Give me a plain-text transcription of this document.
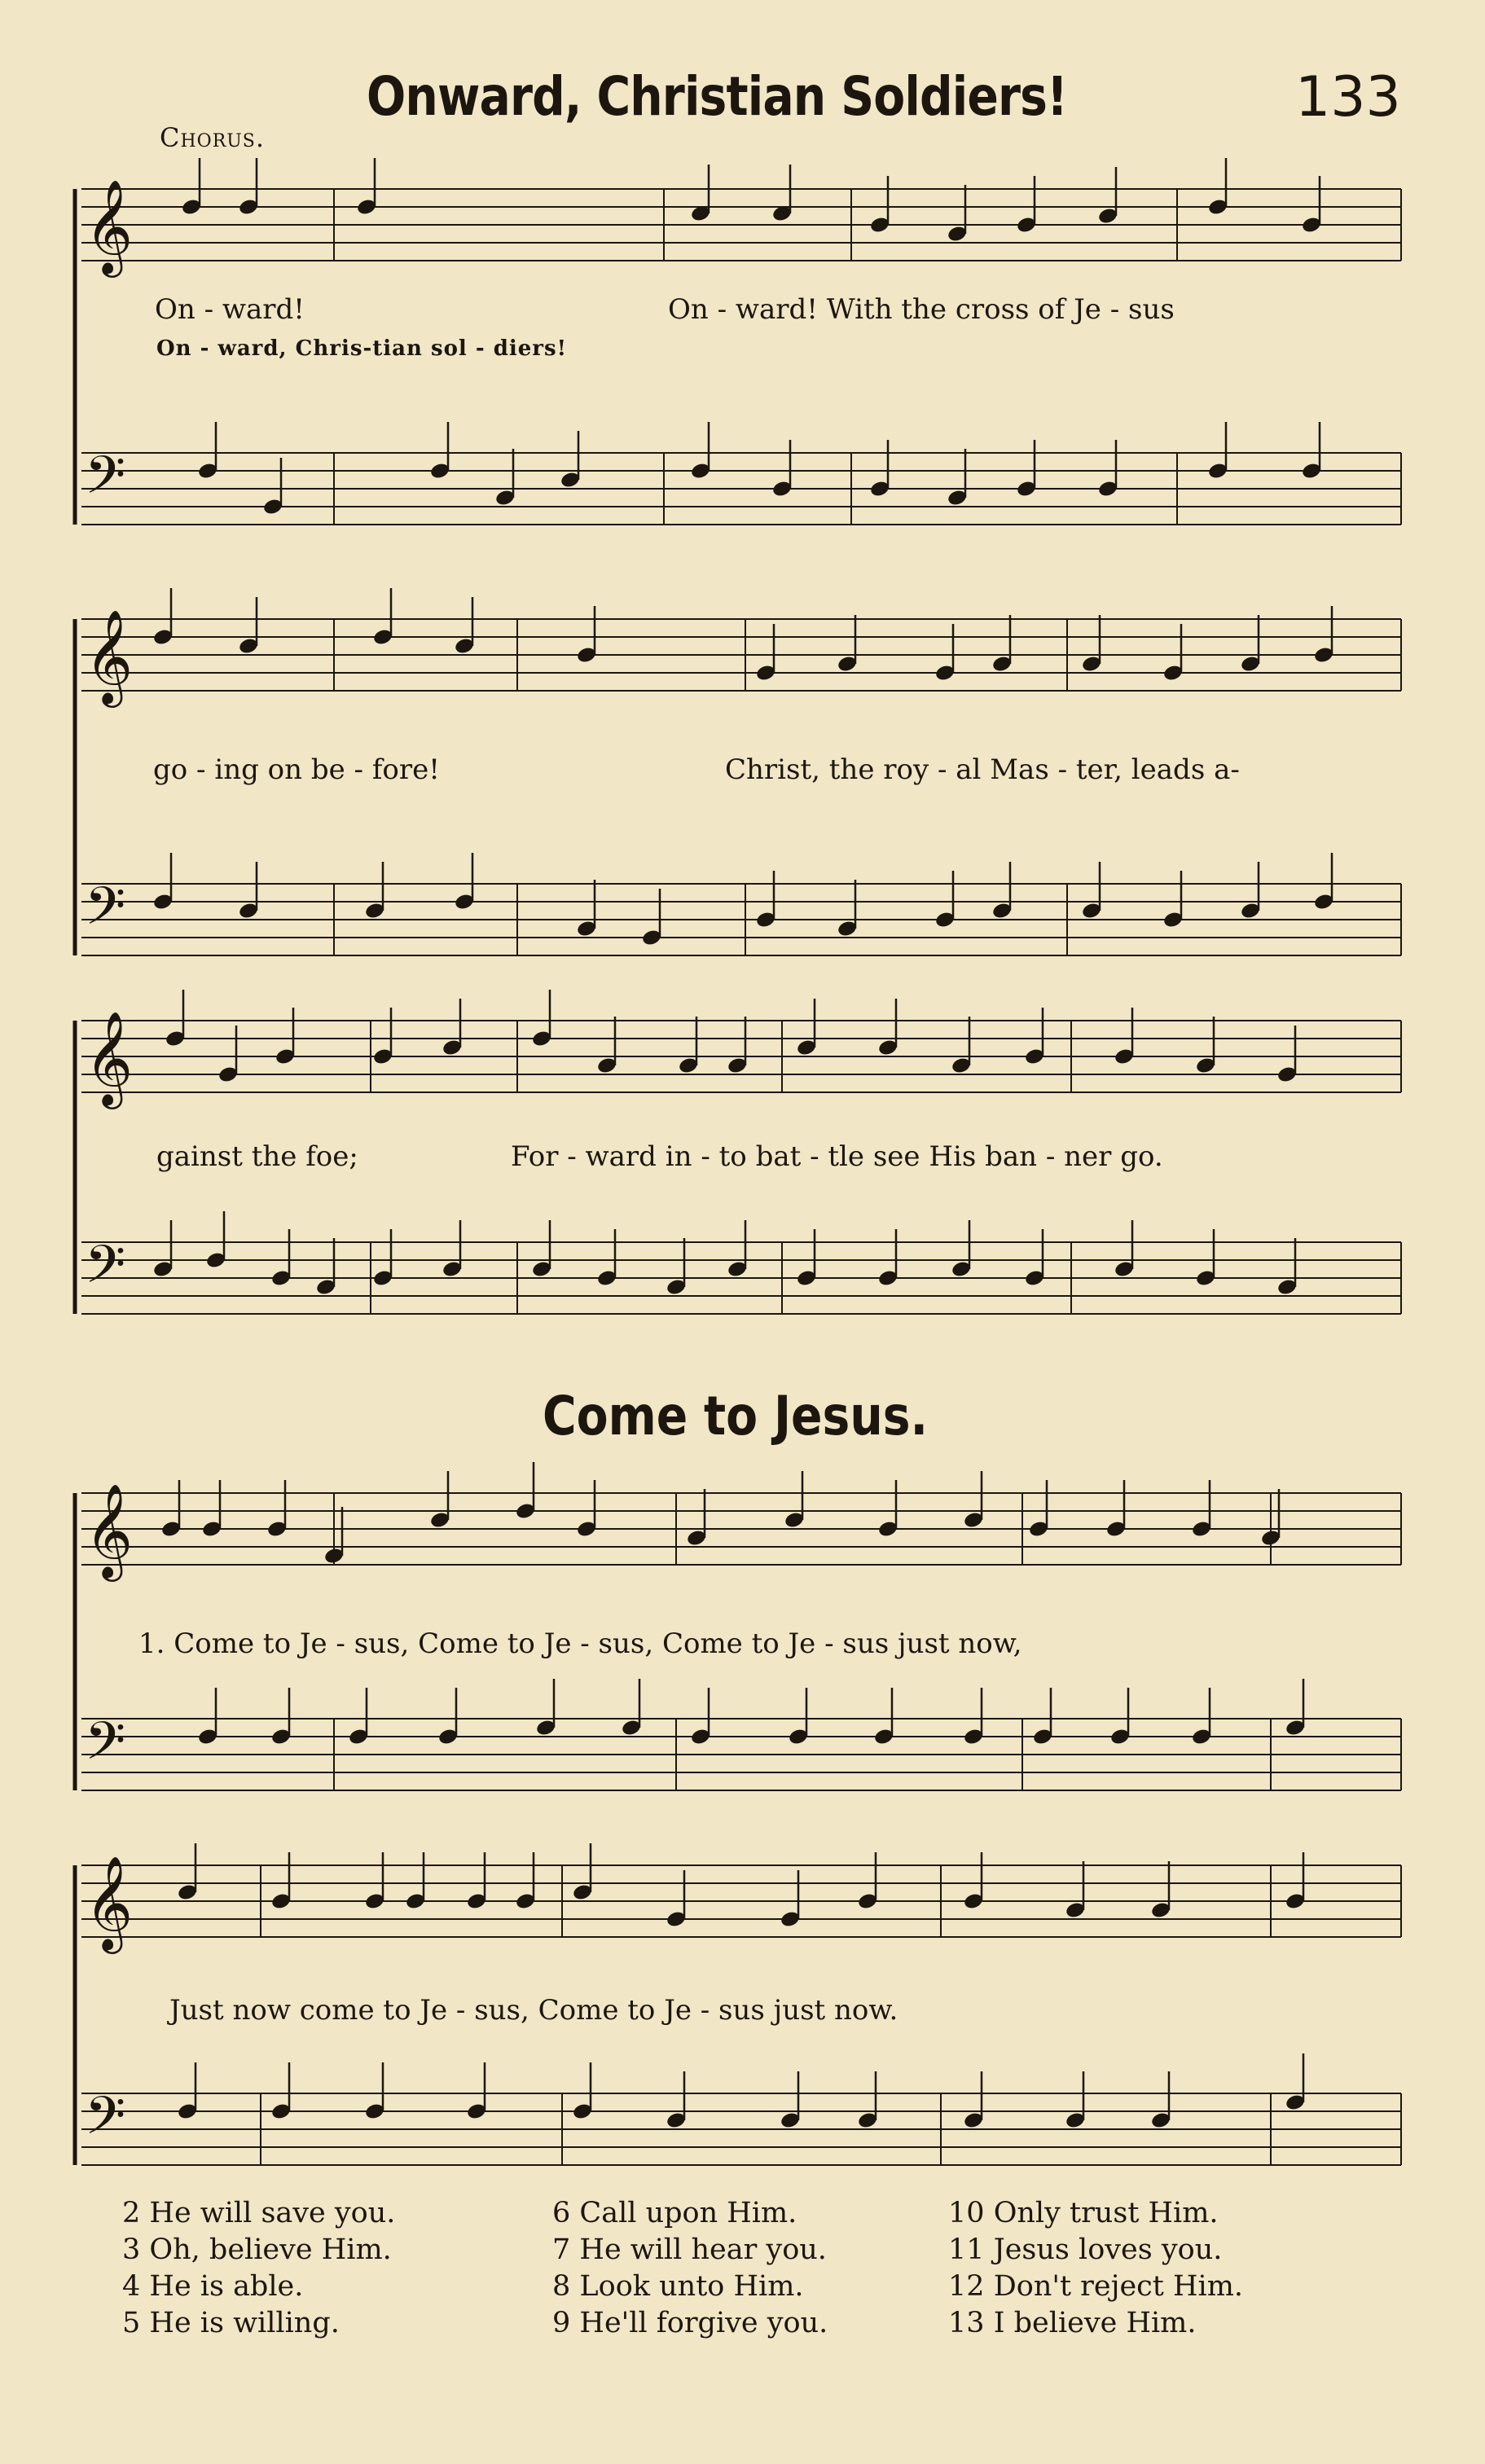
Onward, Christian Soldiers!	133
Chorus.
𝄞
𝄢
𝄞
𝄢
𝄞
𝄢
𝄞
𝄢
𝄞
𝄢
On - ward!	On - ward! With the cross of Je - sus
On - ward, Chris-tian sol - diers!
go - ing on be - fore!	Christ, the roy - al Mas - ter, leads a-
gainst the foe;	For - ward in - to bat - tle see His ban - ner go.
Come to Jesus.
1. Come to Je - sus, Come to Je - sus, Come to Je - sus just now,
Just now come to Je - sus, Come to Je - sus just now.
2 He will save you.
3 Oh, believe Him.
4 He is able.
5 He is willing.
6 Call upon Him.
7 He will hear you.
8 Look unto Him.
9 He'll forgive you.
10 Only trust Him.
11 Jesus loves you.
12 Don't reject Him.
13 I believe Him.
